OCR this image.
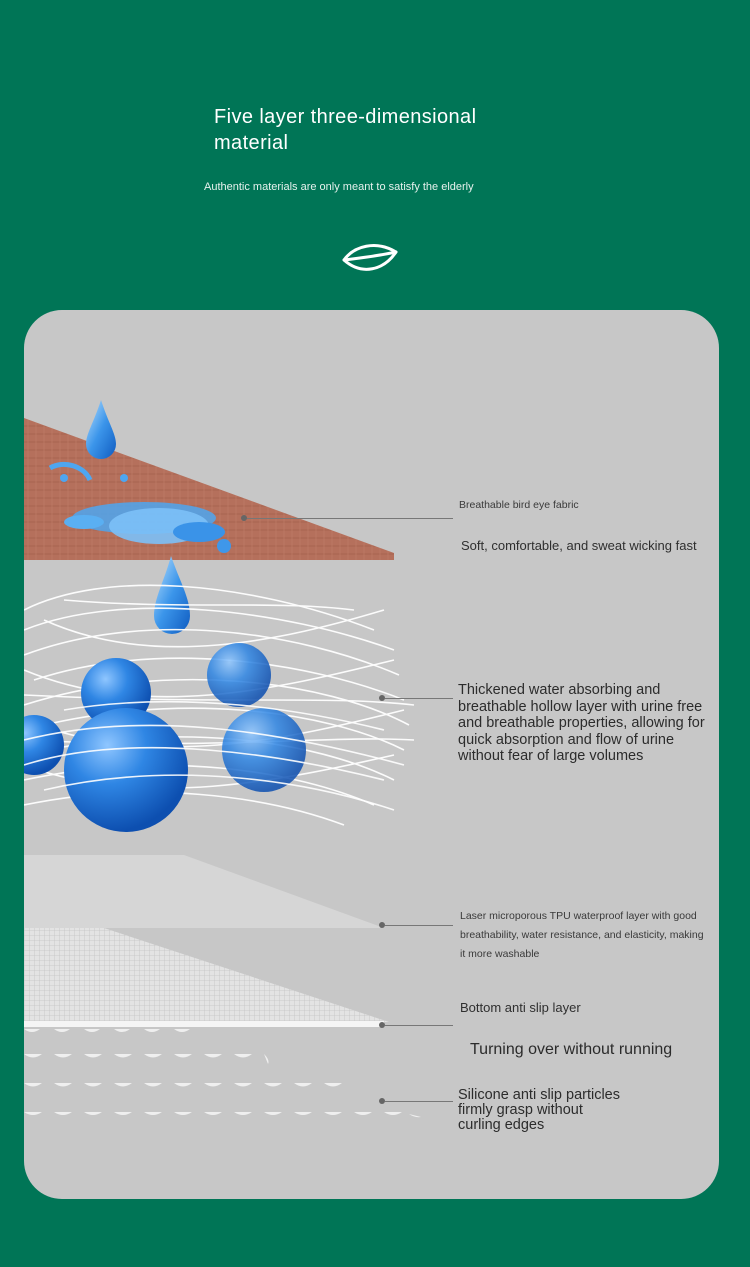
Five layer three-dimensional material
Authentic materials are only meant to satisfy the elderly
Breathable bird eye fabric
Soft, comfortable, and sweat wicking fast
Thickened water absorbing and breathable hollow layer with urine free and breathable properties, allowing for quick absorption and flow of urine without fear of large volumes
Laser microporous TPU waterproof layer with good breathability, water resistance, and elasticity, making it more washable
Bottom anti slip layer
Turning over without running
Silicone anti slip particles firmly grasp without curling edges
